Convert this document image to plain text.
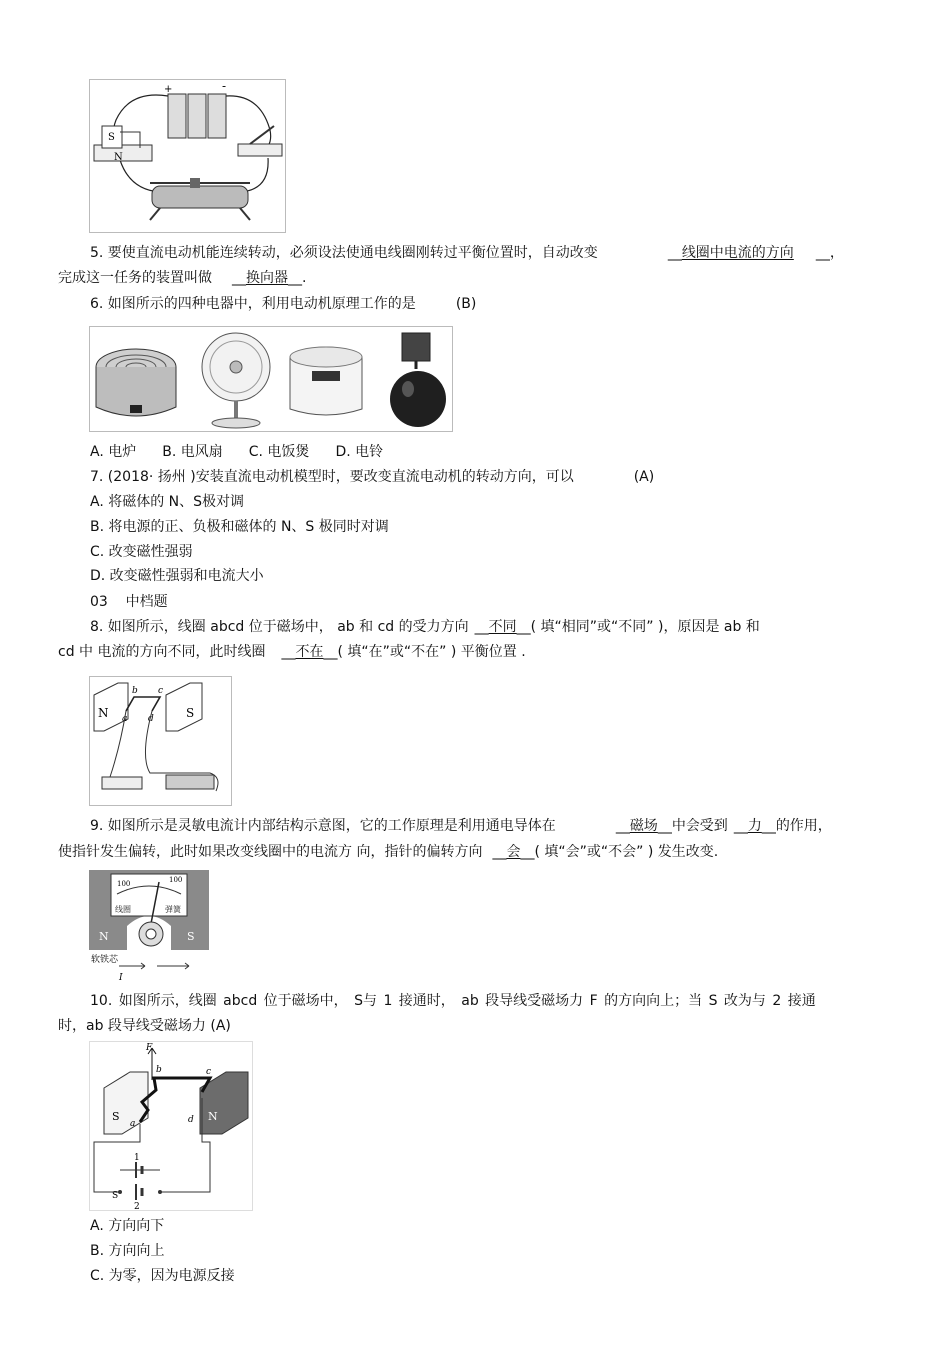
+	-
S
N
5. 要使直流电动机能连续转动，必须设法使通电线圈刚转过平衡位置时，自动改变	__线圈中电流的方向 __，
完成这一任务的装置叫做 __换向器__.
6. 如图所示的四种电器中，利用电动机原理工作的是	(B)
A. 电炉 B. 电风扇 C. 电饭煲 D. 电铃
7. (2018· 扬州 )安装直流电动机模型时，要改变直流电动机的转动方向，可以	(A)
A. 将磁体的 N、S极对调
B. 将电源的正、负极和磁体的 N、S 极同时对调
C. 改变磁性强弱
D. 改变磁性强弱和电流大小
03    中档题
8. 如图所示，线圈 abcd 位于磁场中， ab 和 cd 的受力方向 __不同__( 填“相同”或“不同” )，原因是 ab 和
cd 中 电流的方向不同，此时线圈 __不在__( 填“在”或“不在” ) 平衡位置 .
N	S
b c
a d
9. 如图所示是灵敏电流计内部结构示意图，它的工作原理是利用通电导体在	__磁场__中会受到 __力__的作用，
使指针发生偏转，此时如果改变线圈中的电流方 向，指针的偏转方向 __会__( 填“会”或“不会” ) 发生改变.
100	100
线圈	弹簧
N	S
软铁芯
I
10. 如图所示，线圈 abcd 位于磁场中， S与 1 接通时， ab 段导线受磁场力 F 的方向向上；当 S 改为与 2 接通
时，ab 段导线受磁场力 (A)
S	N
F
b	c
a	d
1
2
S
A. 方向向下
B. 方向向上
C. 为零，因为电源反接
